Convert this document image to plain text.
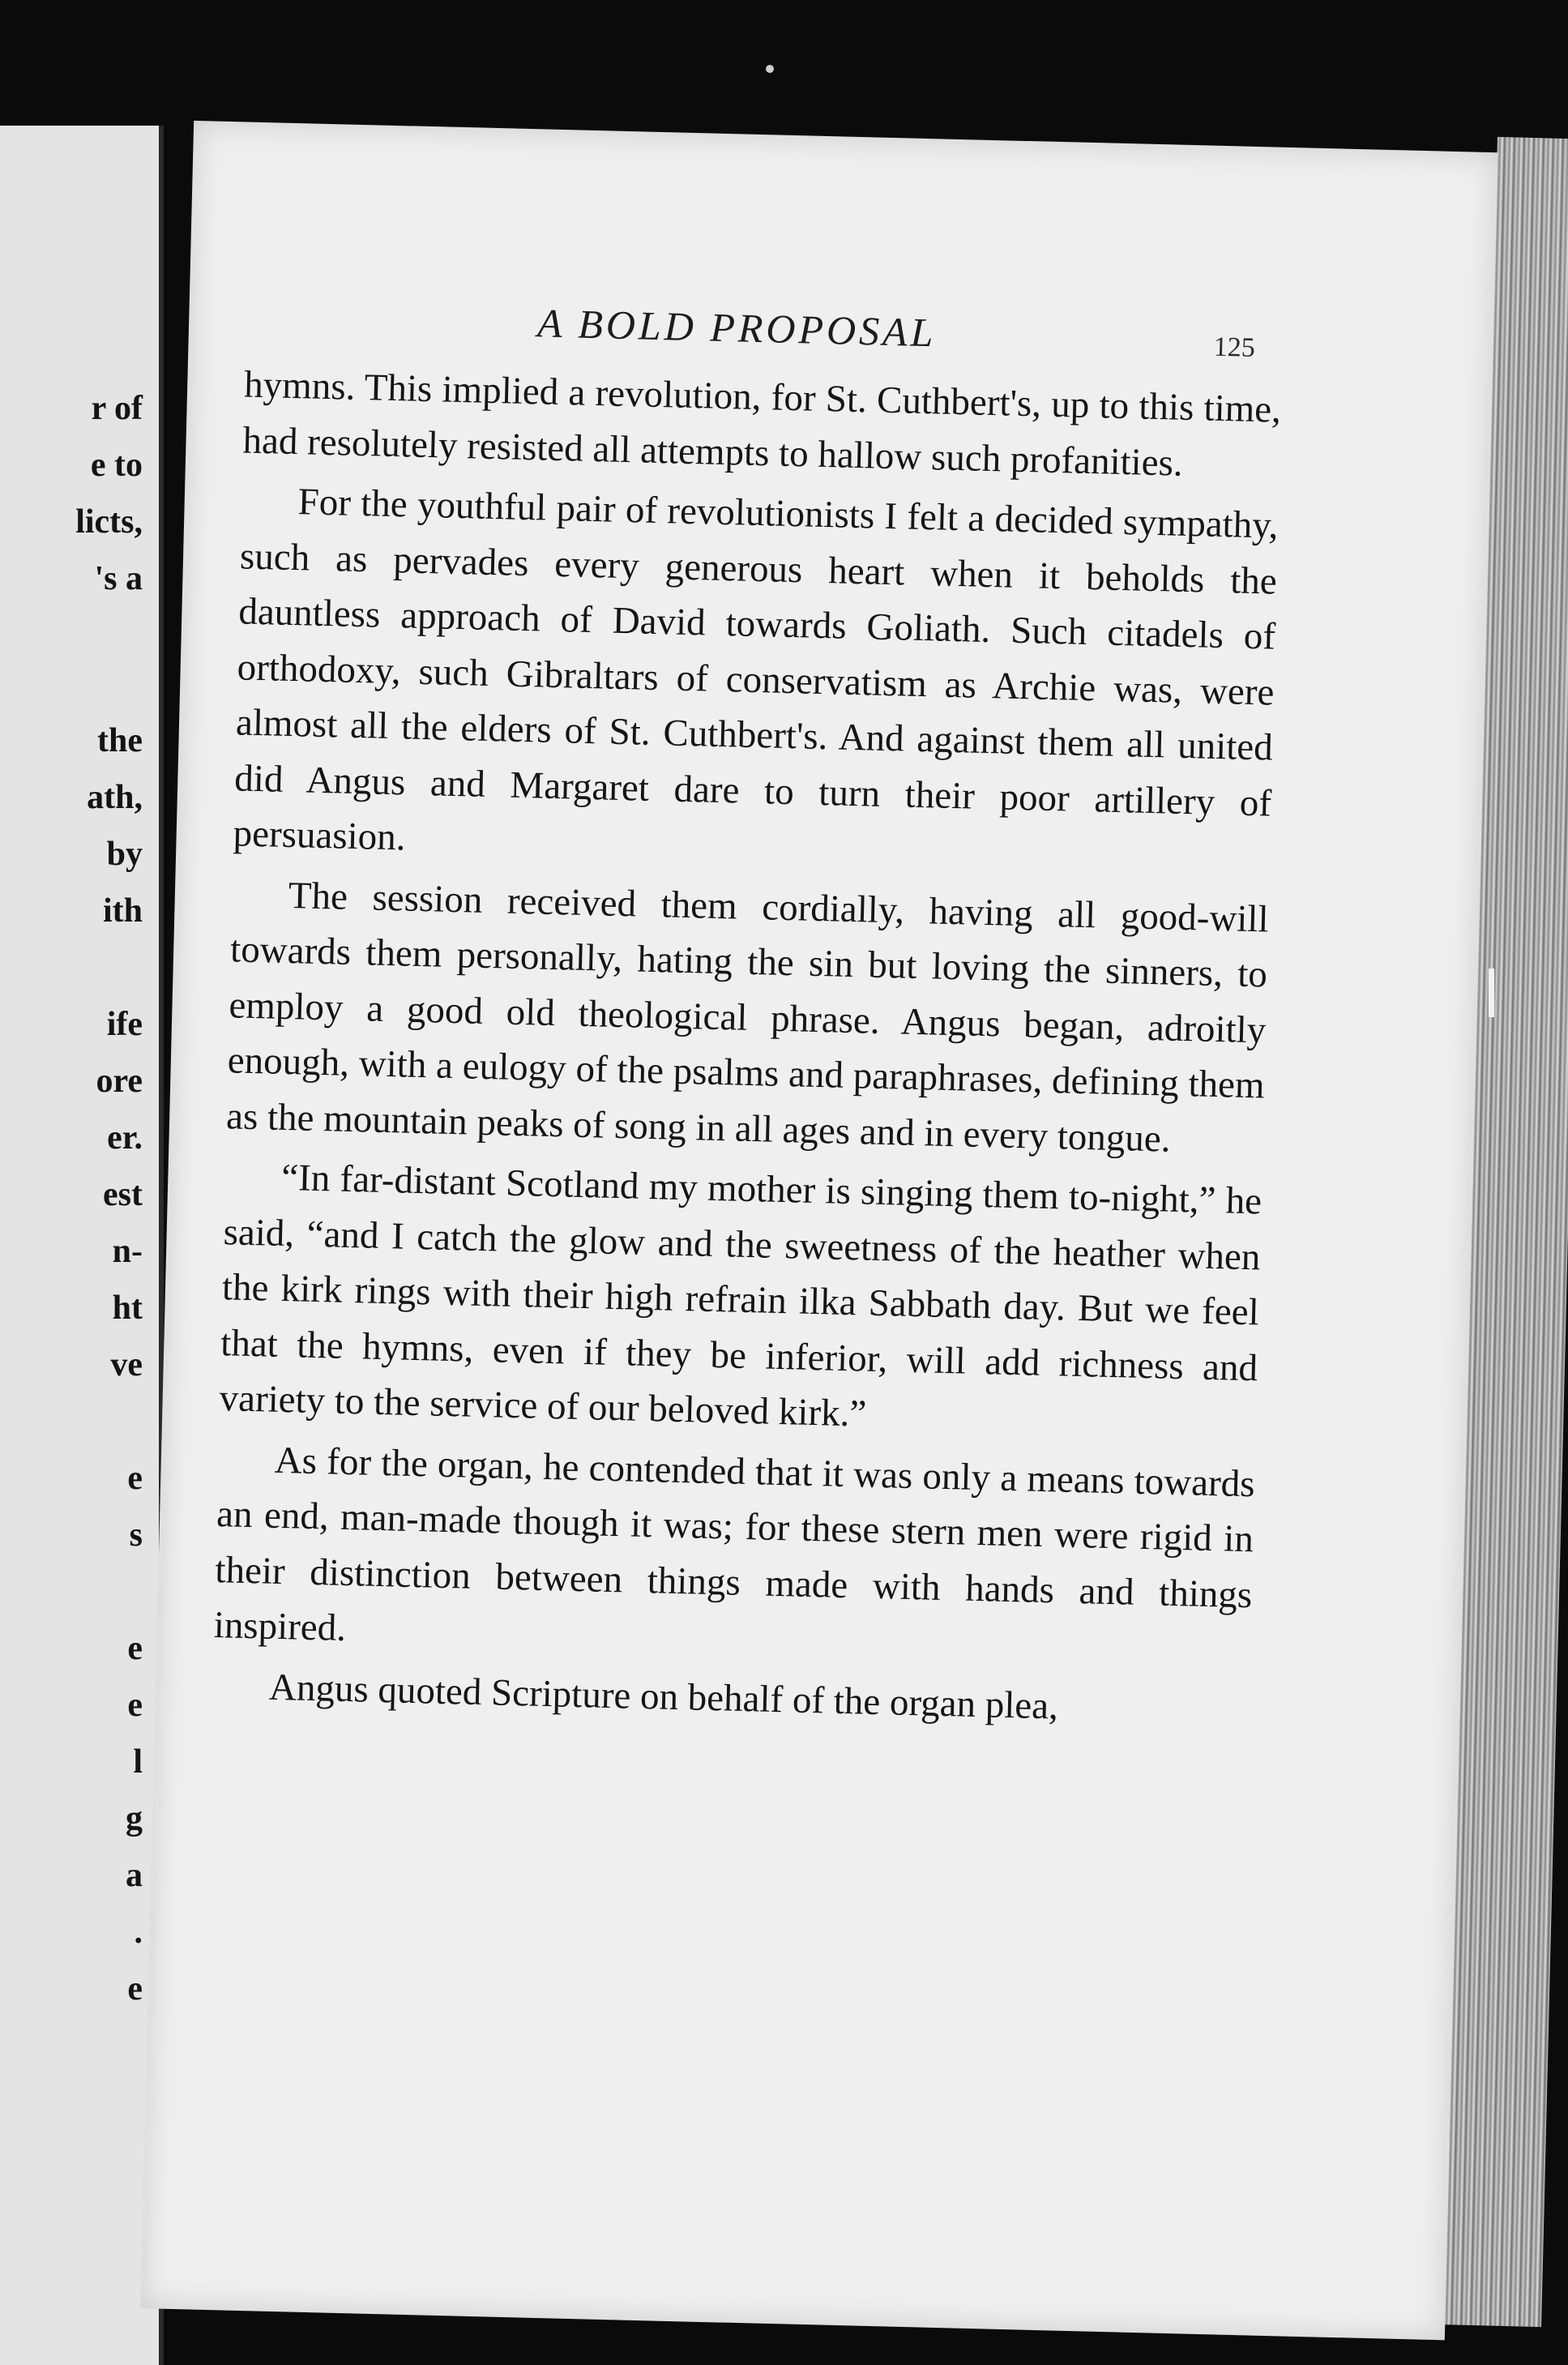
r of
e to
licts,
's a
the
ath,
by
ith
ife
ore
er.
est
n-
ht
ve
e
s
e
e
l
g
a
.
e
A BOLD PROPOSAL	125

hymns. This implied a revolution, for St. Cuthbert's, up to this time, had resolutely resisted all attempts to hallow such profanities.

For the youthful pair of revolutionists I felt a decided sympathy, such as pervades every generous heart when it beholds the dauntless approach of David towards Goliath. Such citadels of orthodoxy, such Gibraltars of conservatism as Archie was, were almost all the elders of St. Cuthbert's. And against them all united did Angus and Margaret dare to turn their poor artillery of persuasion.

The session received them cordially, having all good-will towards them personally, hating the sin but loving the sinners, to employ a good old theological phrase. Angus began, adroitly enough, with a eulogy of the psalms and paraphrases, defining them as the mountain peaks of song in all ages and in every tongue.

“In far-distant Scotland my mother is singing them to-night,” he said, “and I catch the glow and the sweetness of the heather when the kirk rings with their high refrain ilka Sabbath day. But we feel that the hymns, even if they be inferior, will add richness and variety to the service of our beloved kirk.”

As for the organ, he contended that it was only a means towards an end, man-made though it was; for these stern men were rigid in their distinction between things made with hands and things inspired.

Angus quoted Scripture on behalf of the organ plea,
